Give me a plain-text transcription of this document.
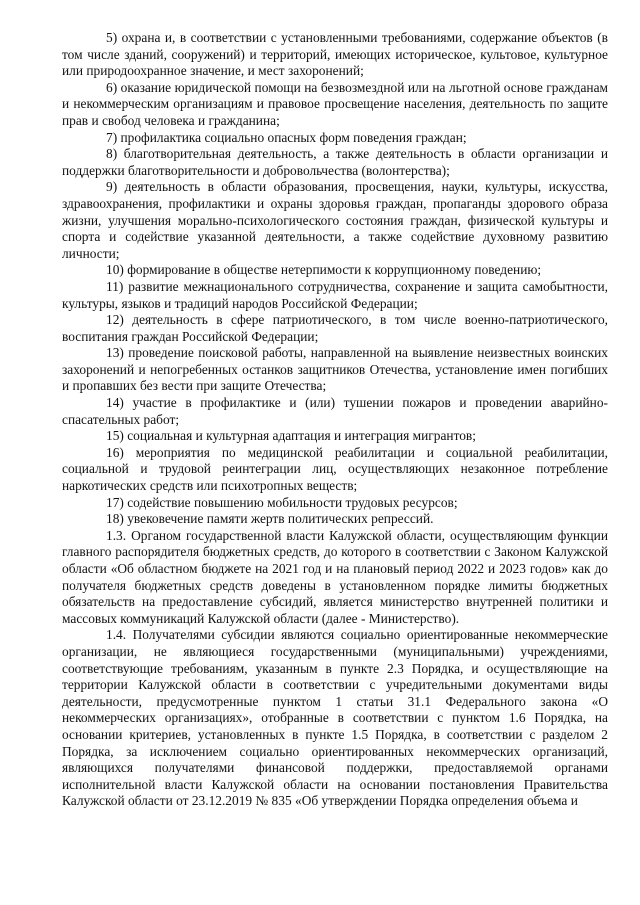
5) охрана и, в соответствии с установленными требованиями, содержание объектов (в том числе зданий, сооружений) и территорий, имеющих историческое, культовое, культурное или природоохранное значение, и мест захоронений;

6) оказание юридической помощи на безвозмездной или на льготной основе гражданам и некоммерческим организациям и правовое просвещение населения, деятельность по защите прав и свобод человека и гражданина;

7) профилактика социально опасных форм поведения граждан;

8) благотворительная деятельность, а также деятельность в области организации и поддержки благотворительности и добровольчества (волонтерства);

9) деятельность в области образования, просвещения, науки, культуры, искусства, здравоохранения, профилактики и охраны здоровья граждан, пропаганды здорового образа жизни, улучшения морально-психологического состояния граждан, физической культуры и спорта и содействие указанной деятельности, а также содействие духовному развитию личности;

10) формирование в обществе нетерпимости к коррупционному поведению;

11) развитие межнационального сотрудничества, сохранение и защита самобытности, культуры, языков и традиций народов Российской Федерации;

12) деятельность в сфере патриотического, в том числе военно-патриотического, воспитания граждан Российской Федерации;

13) проведение поисковой работы, направленной на выявление неизвестных воинских захоронений и непогребенных останков защитников Отечества, установление имен погибших и пропавших без вести при защите Отечества;

14) участие в профилактике и (или) тушении пожаров и проведении аварийно-спасательных работ;

15) социальная и культурная адаптация и интеграция мигрантов;

16) мероприятия по медицинской реабилитации и социальной реабилитации, социальной и трудовой реинтеграции лиц, осуществляющих незаконное потребление наркотических средств или психотропных веществ;

17) содействие повышению мобильности трудовых ресурсов;

18) увековечение памяти жертв политических репрессий.

1.3. Органом государственной власти Калужской области, осуществляющим функции главного распорядителя бюджетных средств, до которого в соответствии с Законом Калужской области «Об областном бюджете на 2021 год и на плановый период 2022 и 2023 годов» как до получателя бюджетных средств доведены в установленном порядке лимиты бюджетных обязательств на предоставление субсидий, является министерство внутренней политики и массовых коммуникаций Калужской области (далее - Министерство).

1.4. Получателями субсидии являются социально ориентированные некоммерческие организации, не являющиеся государственными (муниципальными) учреждениями, соответствующие требованиям, указанным в пункте 2.3 Порядка, и осуществляющие на территории Калужской области в соответствии с учредительными документами виды деятельности, предусмотренные пунктом 1 статьи 31.1 Федерального закона «О некоммерческих организациях», отобранные в соответствии с пунктом 1.6 Порядка, на основании критериев, установленных в пункте 1.5 Порядка, в соответствии с разделом 2 Порядка, за исключением социально ориентированных некоммерческих организаций, являющихся получателями финансовой поддержки, предоставляемой органами исполнительной власти Калужской области на основании постановления Правительства Калужской области от 23.12.2019 № 835 «Об утверждении Порядка определения объема и
